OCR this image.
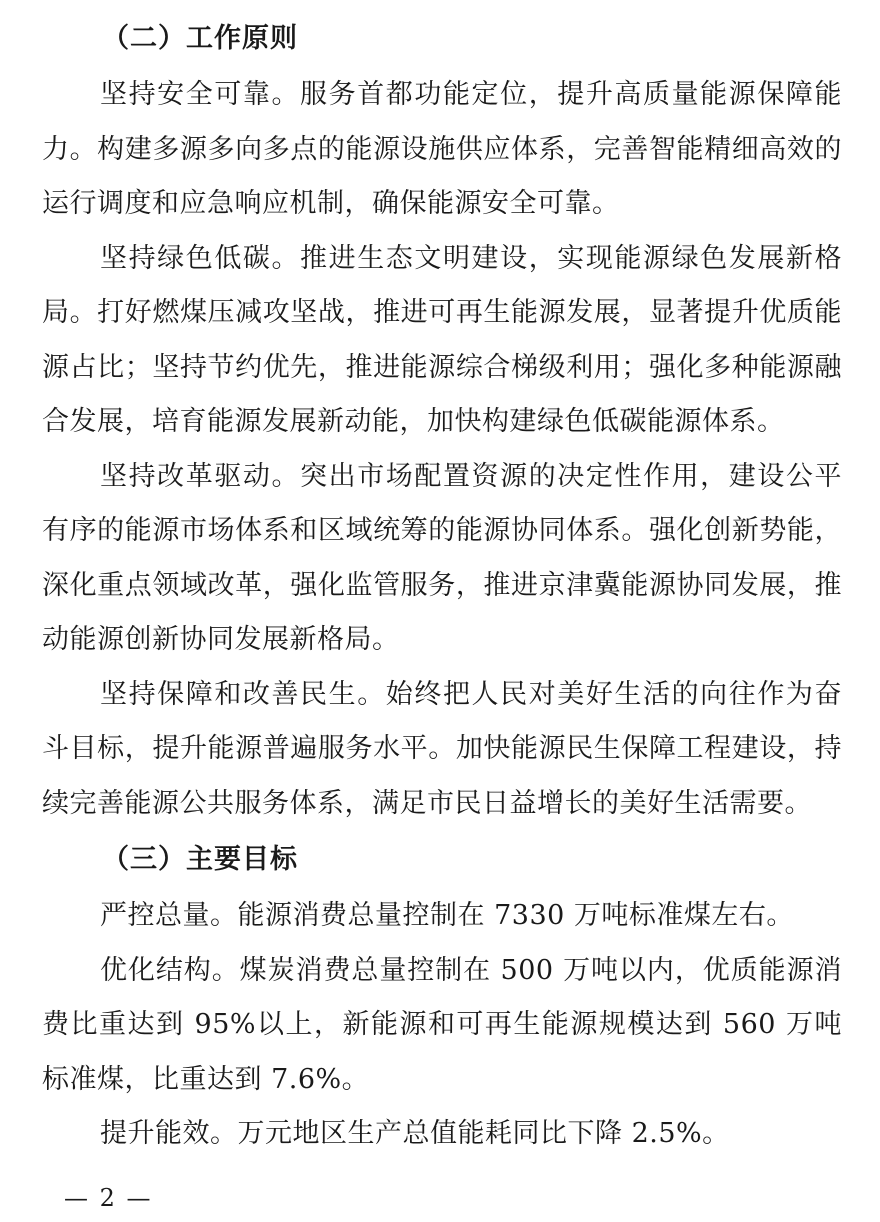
（二）工作原则

坚持安全可靠。服务首都功能定位，提升高质量能源保障能力。构建多源多向多点的能源设施供应体系，完善智能精细高效的运行调度和应急响应机制，确保能源安全可靠。

坚持绿色低碳。推进生态文明建设，实现能源绿色发展新格局。打好燃煤压减攻坚战，推进可再生能源发展，显著提升优质能源占比；坚持节约优先，推进能源综合梯级利用；强化多种能源融合发展，培育能源发展新动能，加快构建绿色低碳能源体系。

坚持改革驱动。突出市场配置资源的决定性作用，建设公平有序的能源市场体系和区域统筹的能源协同体系。强化创新势能，深化重点领域改革，强化监管服务，推进京津冀能源协同发展，推动能源创新协同发展新格局。

坚持保障和改善民生。始终把人民对美好生活的向往作为奋斗目标，提升能源普遍服务水平。加快能源民生保障工程建设，持续完善能源公共服务体系，满足市民日益增长的美好生活需要。

（三）主要目标

严控总量。能源消费总量控制在 7330 万吨标准煤左右。

优化结构。煤炭消费总量控制在 500 万吨以内，优质能源消费比重达到 95%以上，新能源和可再生能源规模达到 560 万吨标准煤，比重达到 7.6%。

提升能效。万元地区生产总值能耗同比下降 2.5%。

— 2 —
